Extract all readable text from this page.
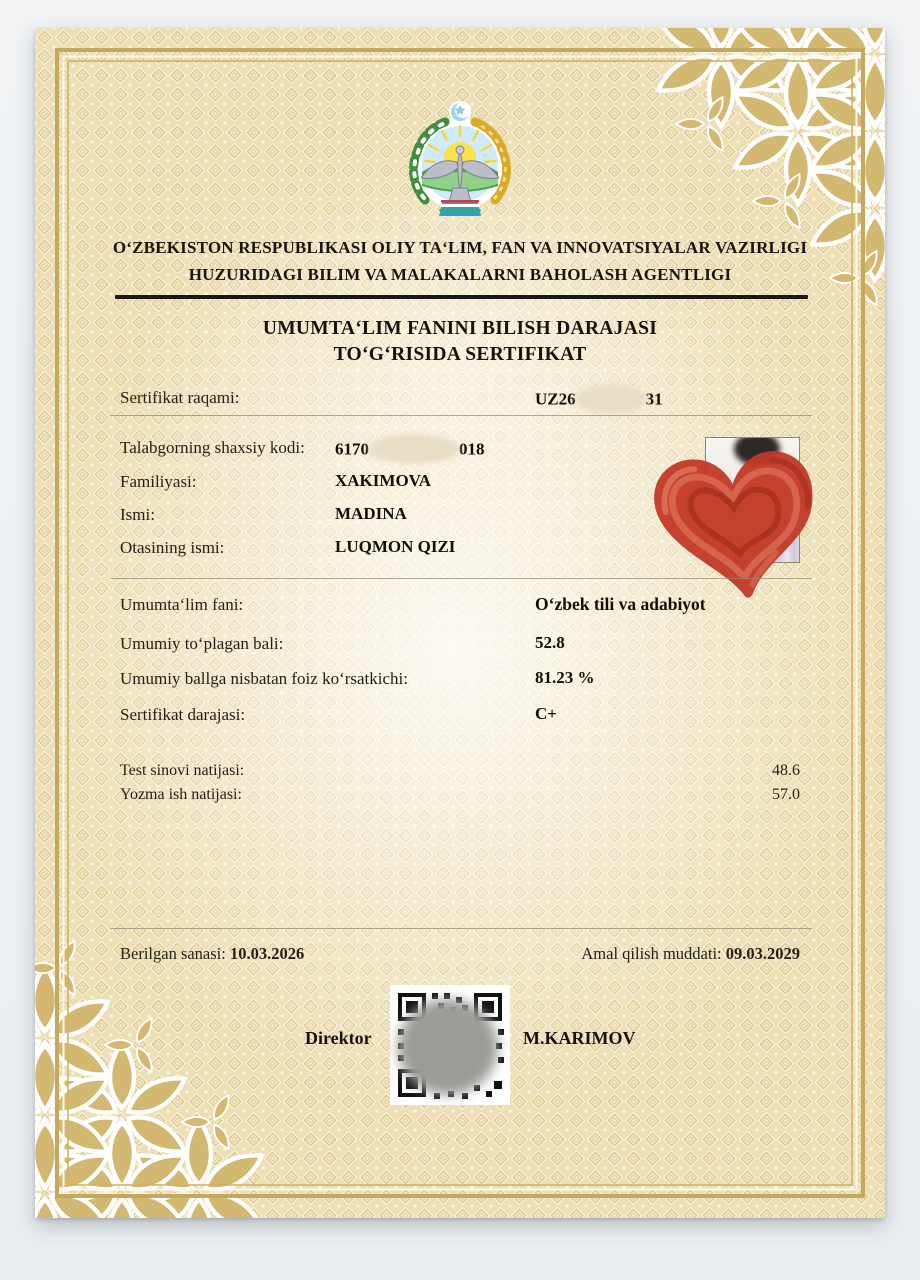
O‘ZBEKISTON RESPUBLIKASI OLIY TA‘LIM, FAN VA INNOVATSIYALAR VAZIRLIGI
HUZURIDAGI BILIM VA MALAKALARNI BAHOLASH AGENTLIGI
UMUMTA‘LIM FANINI BILISH DARAJASI
TO‘G‘RISIDA SERTIFIKAT
Sertifikat raqami:	UZ26	31
Talabgorning shaxsiy kodi: 6170	018
Familiyasi:	XAKIMOVA
Ismi:	MADINA
Otasining ismi:	LUQMON QIZI
Umumta‘lim fani:	O‘zbek tili va adabiyot
Umumiy to‘plagan bali:	52.8
Umumiy ballga nisbatan foiz ko‘rsatkichi:	81.23 %
Sertifikat darajasi:	C+
Test sinovi natijasi:	48.6
Yozma ish natijasi:	57.0
Berilgan sanasi: 10.03.2026	Amal qilish muddati: 09.03.2029
Direktor	M.KARIMOV
